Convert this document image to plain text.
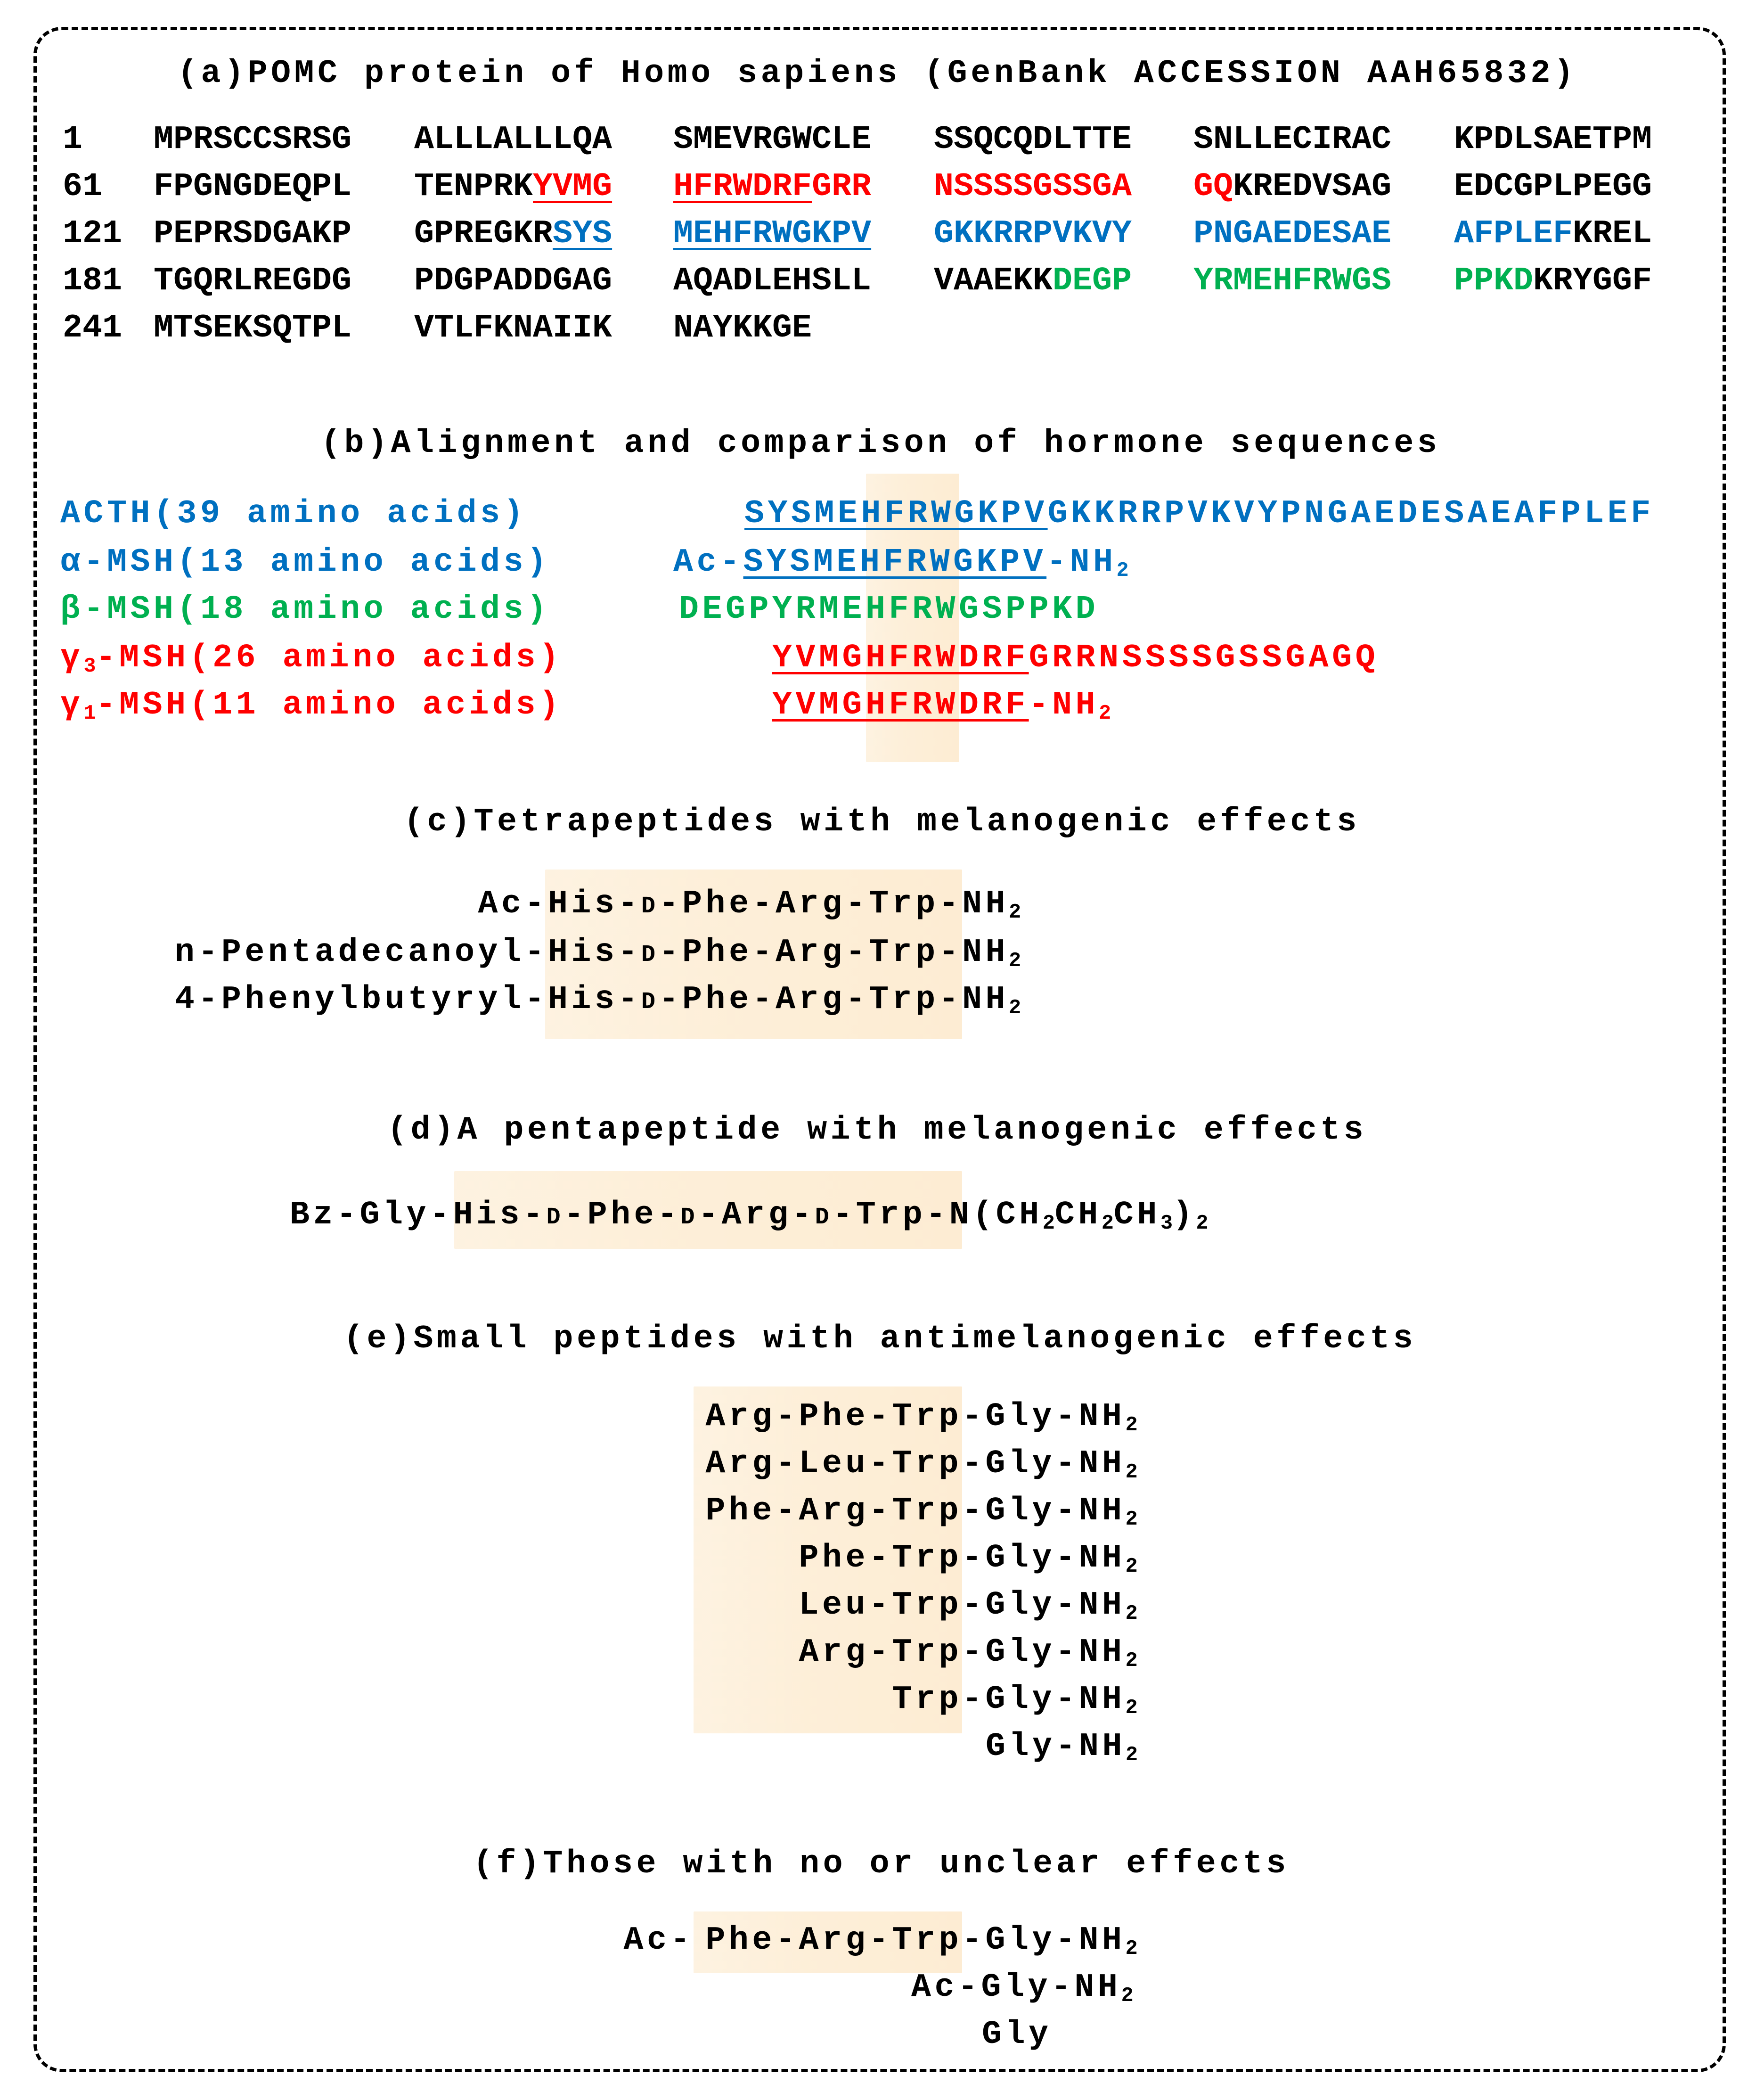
(a)POMC protein of Homo sapiens (GenBank ACCESSION AAH65832)
1 MPRSCCSRSG ALLLALLLQA SMEVRGWCLE SSQCQDLTTE SNLLECIRAC KPDLSAETPM
61 FPGNGDEQPL TENPRKYVMG HFRWDRFGRR NSSSSGSSGA GQKREDVSAG EDCGPLPEGG
121 PEPRSDGAKP GPREGKRSYS MEHFRWGKPV GKKRRPVKVY PNGAEDESAE AFPLEFKREL
181 TGQRLREGDG PDGPADDGAG AQADLEHSLL VAAEKKDEGP YRMEHFRWGS PPKDKRYGGF
241 MTSEKSQTPL VTLFKNAIIK NAYKKGE
(b)Alignment and comparison of hormone sequences
ACTH(39 amino acids)	SYSMEHFRWGKPVGKKRRPVKVYPNGAEDESAEAFPLEF
α-MSH(13 amino acids)	$Ac-SYSMEHFRWGKPV-NH_2$
β-MSH(18 amino acids)	DEGPYRMEHFRWGSPPKD
$\gamma_3-MSH(26$ amino acids)	YVMGHFRWDRFGRRNSSSSGSSGAGQ
$\gamma_1-MSH(11$ amino acids)	YVMGHFRWDRF-$NH_2$
(c)Tetrapeptides with melanogenic effects
Ac- His-$D-Phe-Arg-Trp-NH_2$
n-Pentadecanoyl- His-$D-Phe-Arg-Trp-NH_2$
4-Phenylbutyryl- His-$D-Phe-Arg-Trp-NH_2$
(d)A pentapeptide with melanogenic effects
$Bz-Gly-His-D-Phe-D-Arg-D-Trp-N(CH_2CH_2CH_3)_2$
(e)Small peptides with antimelanogenic effects
Arg-Phe-Trp $-Gly-NH_2$
Arg-Leu-Trp $-Gly-NH_2$
Phe-Arg-Trp $-Gly-NH_2$
Phe-Trp $-Gly-NH_2$
Leu-Trp $-Gly-NH_2$
Arg-Trp $-Gly-NH_2$
Trp $-Gly-NH_2$
Gly-$NH_2$
(f)Those with no or unclear effects
Ac- Phe-Arg-Trp $-Gly-NH_2$
$Ac-Gly-NH_2$
Gly
